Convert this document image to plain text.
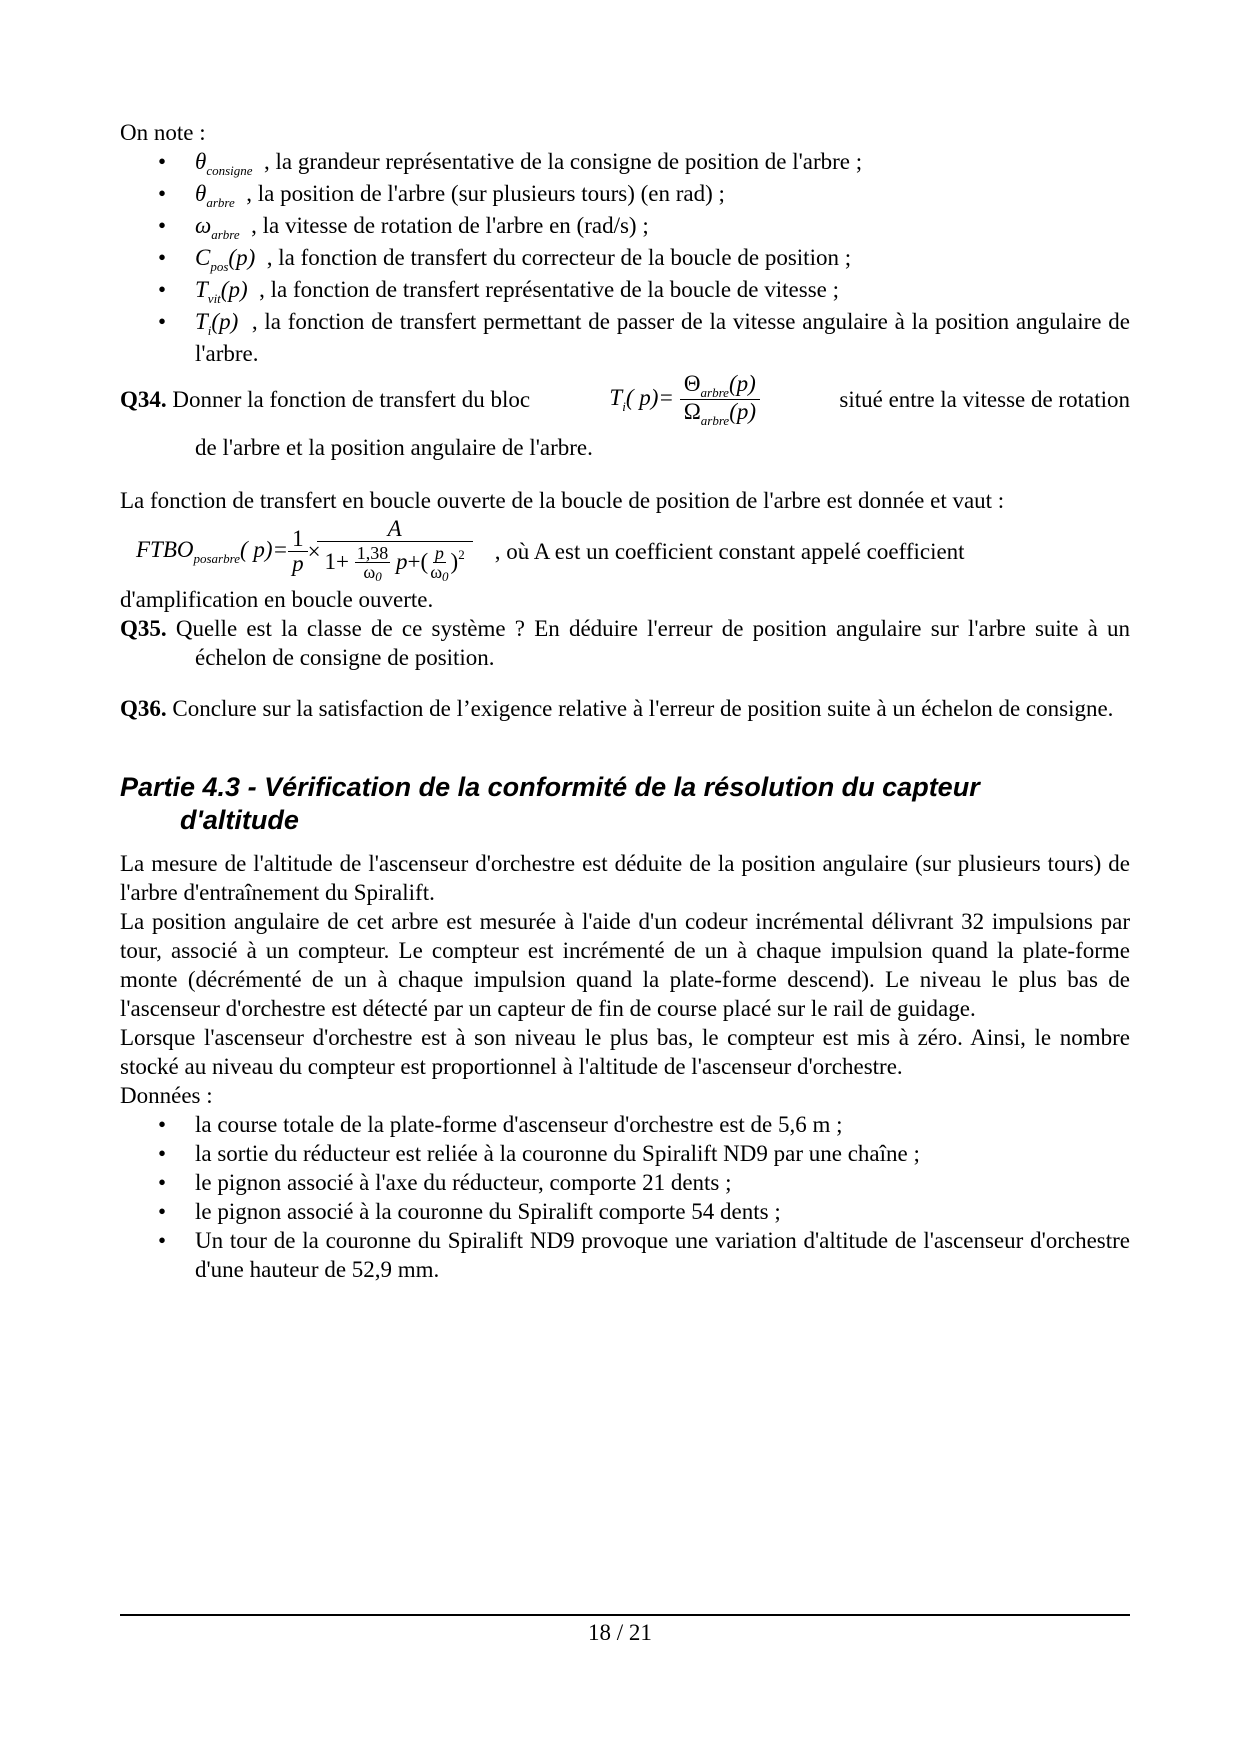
On note :

• $\theta_{consigne}$ , la grandeur représentative de la consigne de position de l'arbre ;
• $\theta_{arbre}$ , la position de l'arbre (sur plusieurs tours) (en rad) ;
• $\omega_{arbre}$ , la vitesse de rotation de l'arbre en (rad/s) ;
• $C_{pos}(p)$ , la fonction de transfert du correcteur de la boucle de position ;
• $T_{vit}(p)$ , la fonction de transfert représentative de la boucle de vitesse ;
• $T_i(p)$ , la fonction de transfert permettant de passer de la vitesse angulaire à la position angulaire de l'arbre.
Q34. Donner la fonction de transfert du bloc	$T_i$( $p)= \frac{\Theta_{arbre}(p)}{\Omega_{arbre}(p)}$	situé entre la vitesse de rotation
de l'arbre et la position angulaire de l'arbre.

La fonction de transfert en boucle ouverte de la boucle de position de l'arbre est donnée et vaut :

$FTBO_{posarbre}$( $p)= \frac{1}{p}$ ×
A
$1+ \frac{1,38}{\omega 0} p+( \frac{p}{\omega 0} )^2$ , où A est un coefficient constant appelé coefficient

d'amplification en boucle ouverte.

Q35. Quelle est la classe de ce système ? En déduire l'erreur de position angulaire sur l'arbre suite à un échelon de consigne de position.

Q36. Conclure sur la satisfaction de l’exigence relative à l'erreur de position suite à un échelon de consigne.

Partie 4.3 - Vérification de la conformité de la résolution du capteur
d'altitude

La mesure de l'altitude de l'ascenseur d'orchestre est déduite de la position angulaire (sur plusieurs tours) de l'arbre d'entraînement du Spiralift.

La position angulaire de cet arbre est mesurée à l'aide d'un codeur incrémental délivrant 32 impulsions par tour, associé à un compteur. Le compteur est incrémenté de un à chaque impulsion quand la plate-forme monte (décrémenté de un à chaque impulsion quand la plate-forme descend). Le niveau le plus bas de l'ascenseur d'orchestre est détecté par un capteur de fin de course placé sur le rail de guidage.

Lorsque l'ascenseur d'orchestre est à son niveau le plus bas, le compteur est mis à zéro. Ainsi, le nombre stocké au niveau du compteur est proportionnel à l'altitude de l'ascenseur d'orchestre.

Données :

• la course totale de la plate-forme d'ascenseur d'orchestre est de 5,6 m ;
• la sortie du réducteur est reliée à la couronne du Spiralift ND9 par une chaîne ;
• le pignon associé à l'axe du réducteur, comporte 21 dents ;
• le pignon associé à la couronne du Spiralift comporte 54 dents ;
• Un tour de la couronne du Spiralift ND9 provoque une variation d'altitude de l'ascenseur d'orchestre d'une hauteur de 52,9 mm.
18 / 21
